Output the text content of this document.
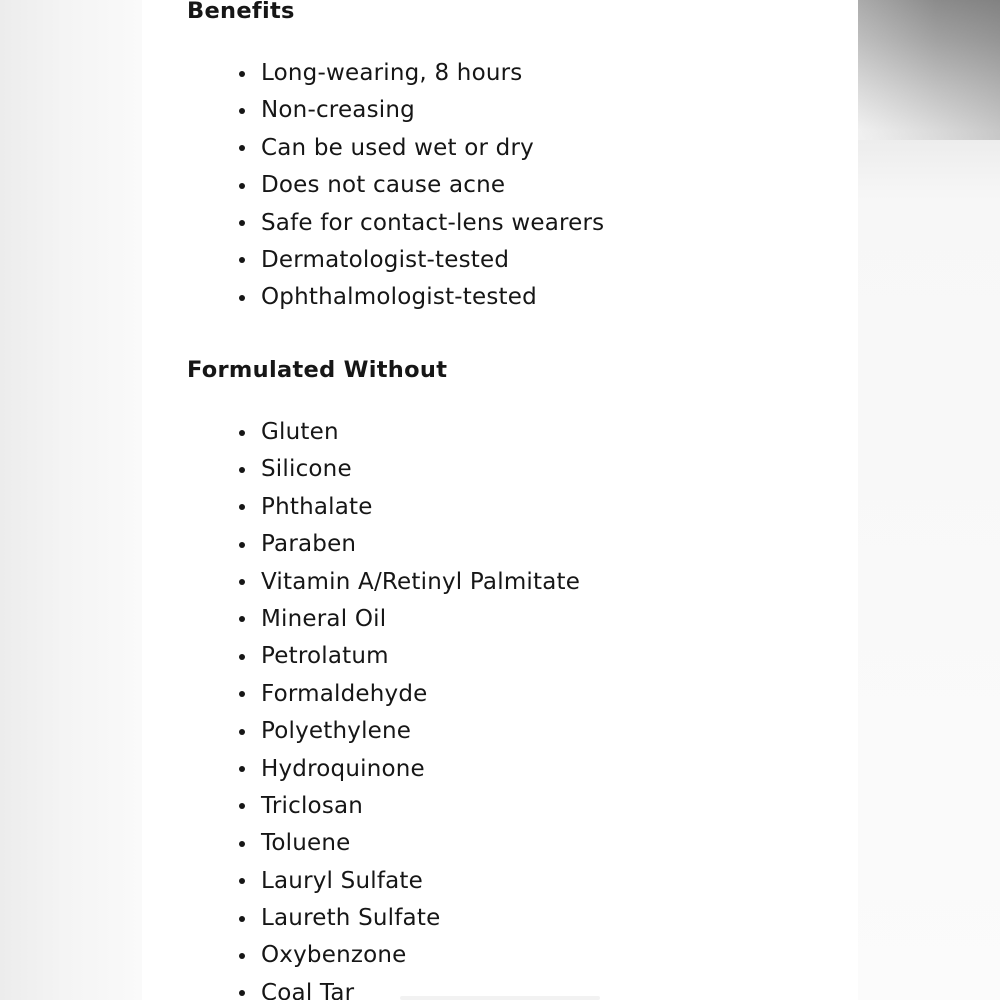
Benefits
Long-wearing, 8 hours
Non-creasing
Can be used wet or dry
Does not cause acne
Safe for contact-lens wearers
Dermatologist-tested
Ophthalmologist-tested
Formulated Without
Gluten
Silicone
Phthalate
Paraben
Vitamin A/Retinyl Palmitate
Mineral Oil
Petrolatum
Formaldehyde
Polyethylene
Hydroquinone
Triclosan
Toluene
Lauryl Sulfate
Laureth Sulfate
Oxybenzone
Coal Tar
